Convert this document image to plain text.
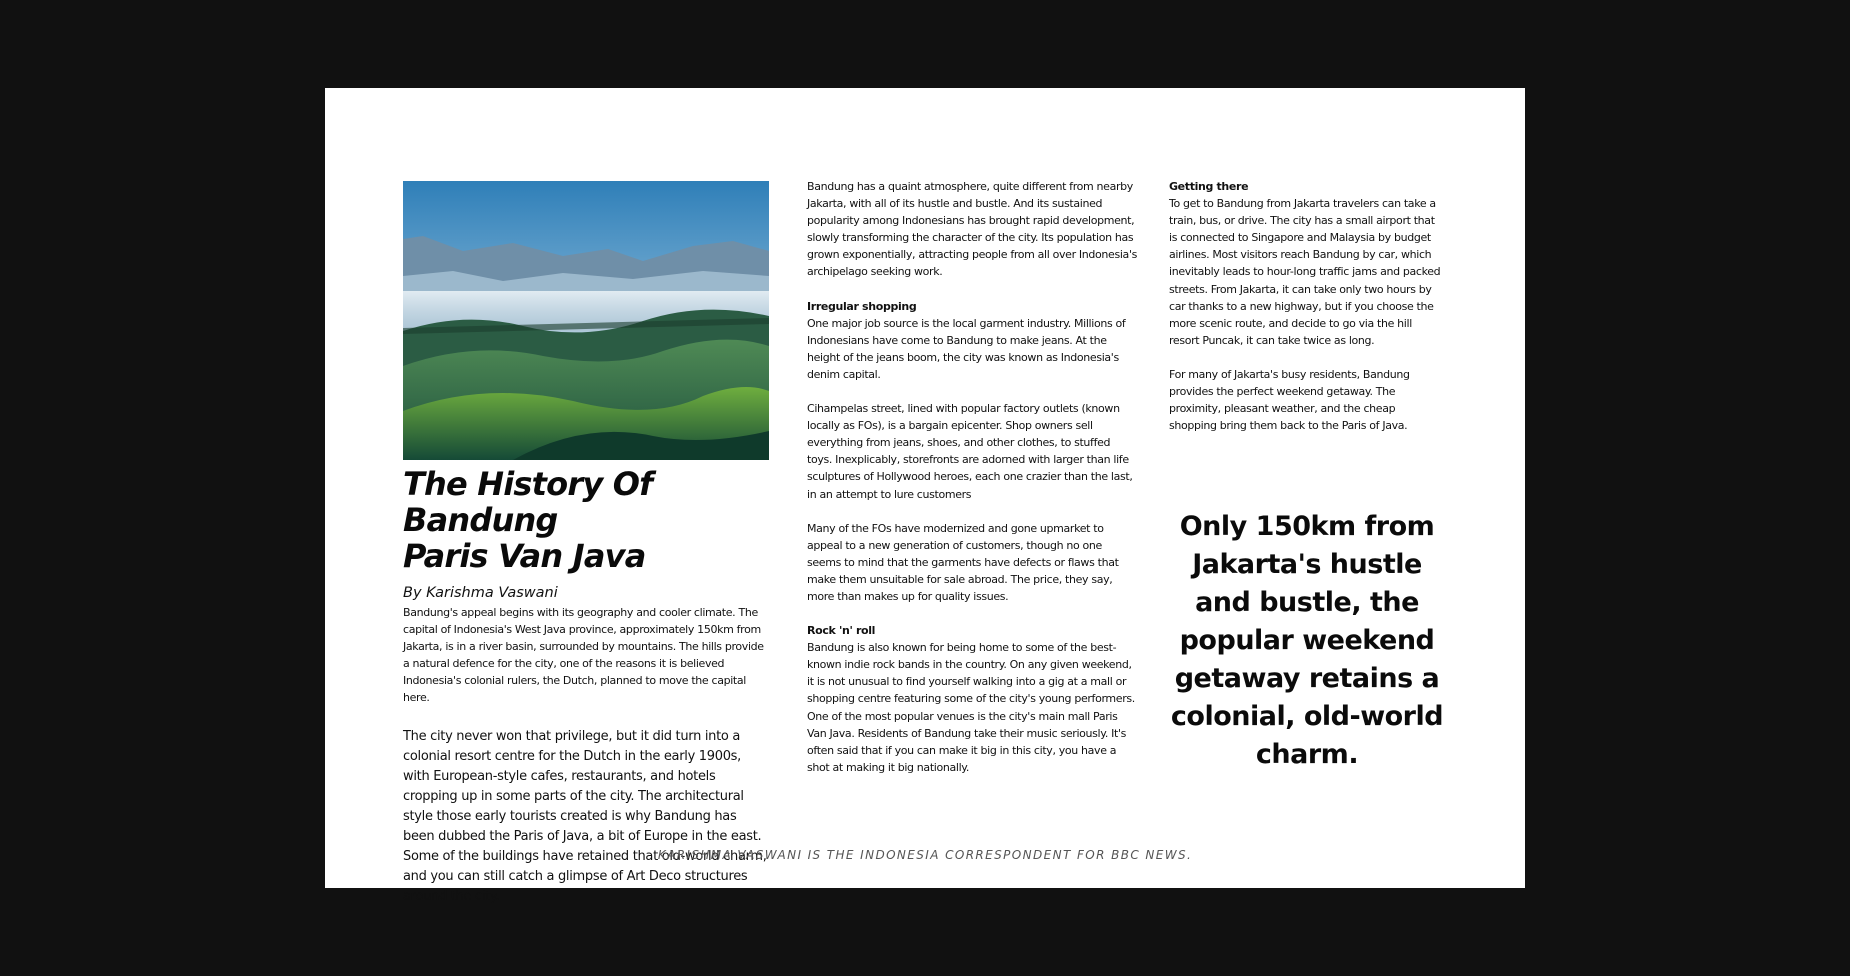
The History Of Bandung
Paris Van Java

By Karishma Vaswani

Bandung's appeal begins with its geography and cooler climate. The capital of Indonesia's West Java province, approximately 150km from Jakarta, is in a river basin, surrounded by mountains. The hills provide a natural defence for the city, one of the reasons it is believed Indonesia's colonial rulers, the Dutch, planned to move the capital here.

The city never won that privilege, but it did turn into a colonial resort centre for the Dutch in the early 1900s, with European-style cafes, restaurants, and hotels cropping up in some parts of the city. The architectural style those early tourists created is why Bandung has been dubbed the Paris of Java, a bit of Europe in the east. Some of the buildings have retained that old-world charm, and you can still catch a glimpse of Art Deco structures around the city.

Bandung has a quaint atmosphere, quite different from nearby Jakarta, with all of its hustle and bustle. And its sustained popularity among Indonesians has brought rapid development, slowly transforming the character of the city. Its population has grown exponentially, attracting people from all over Indonesia's archipelago seeking work.

Irregular shopping

One major job source is the local garment industry. Millions of Indonesians have come to Bandung to make jeans. At the height of the jeans boom, the city was known as Indonesia's denim capital.

Cihampelas street, lined with popular factory outlets (known locally as FOs), is a bargain epicenter. Shop owners sell everything from jeans, shoes, and other clothes, to stuffed toys. Inexplicably, storefronts are adorned with larger than life sculptures of Hollywood heroes, each one crazier than the last, in an attempt to lure customers

Many of the FOs have modernized and gone upmarket to appeal to a new generation of customers, though no one seems to mind that the garments have defects or flaws that make them unsuitable for sale abroad. The price, they say, more than makes up for quality issues.

Rock 'n' roll

Bandung is also known for being home to some of the best-known indie rock bands in the country. On any given weekend, it is not unusual to find yourself walking into a gig at a mall or shopping centre featuring some of the city's young performers. One of the most popular venues is the city's main mall Paris Van Java. Residents of Bandung take their music seriously. It's often said that if you can make it big in this city, you have a shot at making it big nationally.

Getting there

To get to Bandung from Jakarta travelers can take a train, bus, or drive. The city has a small airport that is connected to Singapore and Malaysia by budget airlines. Most visitors reach Bandung by car, which inevitably leads to hour-long traffic jams and packed streets. From Jakarta, it can take only two hours by car thanks to a new highway, but if you choose the more scenic route, and decide to go via the hill resort Puncak, it can take twice as long.

For many of Jakarta's busy residents, Bandung provides the perfect weekend getaway. The proximity, pleasant weather, and the cheap shopping bring them back to the Paris of Java.

Only 150km from Jakarta's hustle and bustle, the popular weekend getaway retains a colonial, old-world charm.
KARISHMA VASWANI IS THE INDONESIA CORRESPONDENT FOR BBC NEWS.
